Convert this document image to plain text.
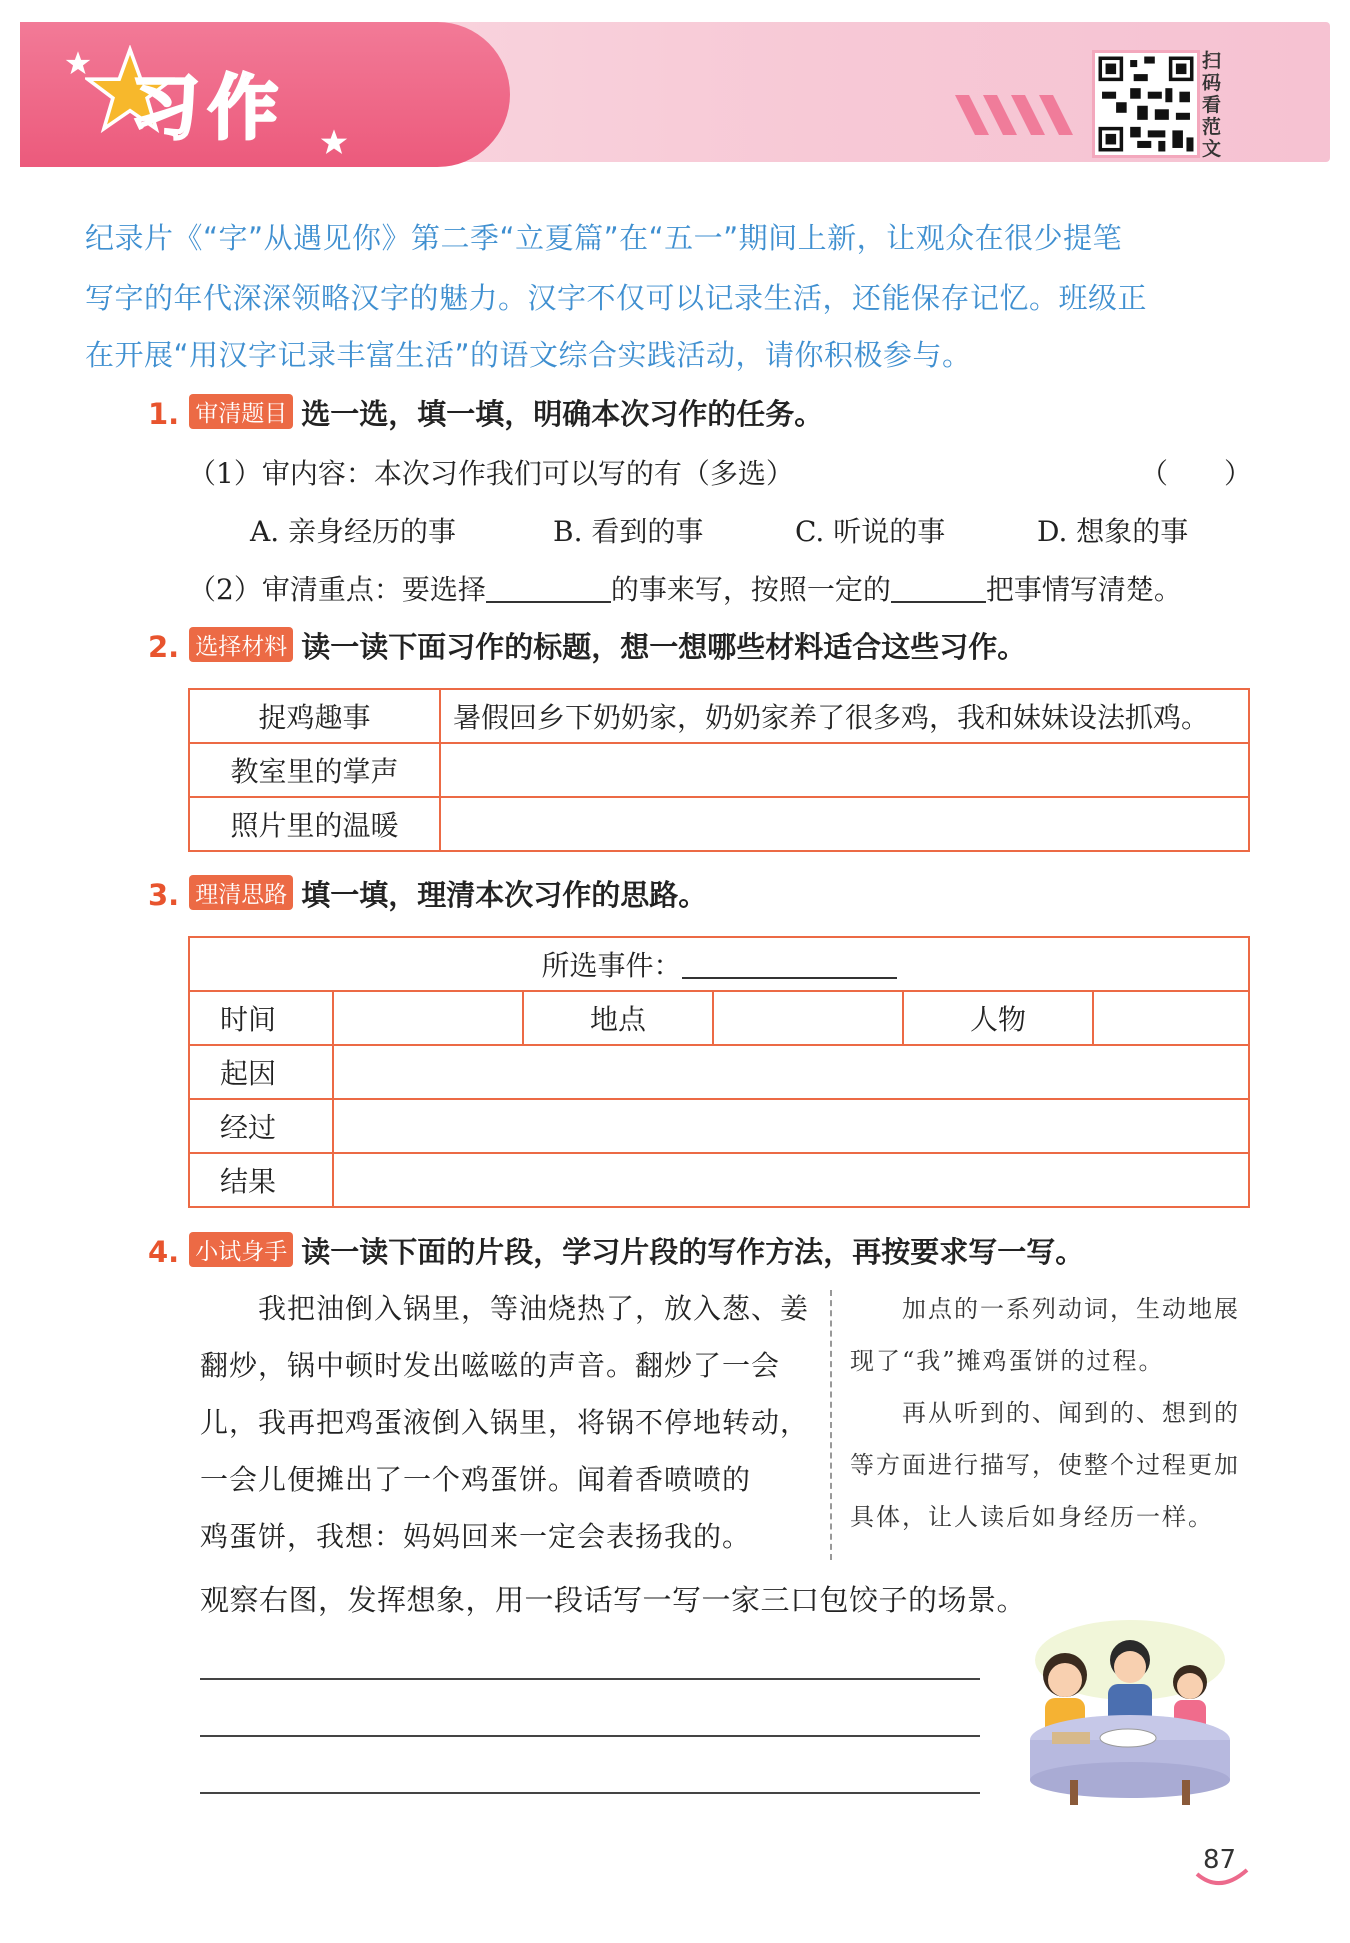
习作
扫码看范文
纪录片《“字”从遇见你》第二季“立夏篇”在“五一”期间上新，让观众在很少提笔
写字的年代深深领略汉字的魅力。汉字不仅可以记录生活，还能保存记忆。班级正
在开展“用汉字记录丰富生活”的语文综合实践活动，请你积极参与。
1. 审清题目 选一选，填一填，明确本次习作的任务。
（1）审内容：本次习作我们可以写的有（多选）	（　　）
A. 亲身经历的事	B. 看到的事	C. 听说的事	D. 想象的事
（2）审清重点：要选择	的事来写，按照一定的	把事情写清楚。
2. 选择材料 读一读下面习作的标题，想一想哪些材料适合这些习作。
捉鸡趣事	暑假回乡下奶奶家，奶奶家养了很多鸡，我和妹妹设法抓鸡。
教室里的掌声	
照片里的温暖	
3. 理清思路 填一填，理清本次习作的思路。
所选事件：					
时间		地点		人物	
起因					
经过					
结果					
4. 小试身手 读一读下面的片段，学习片段的写作方法，再按要求写一写。
　　我把油倒入锅里，等油烧热了，放入葱、姜
翻炒，锅中顿时发出嗞嗞的声音。翻炒了一会
儿，我再把鸡蛋液倒入锅里，将锅不停地转动，
一会儿便摊出了一个鸡蛋饼。闻着香喷喷的
鸡蛋饼，我想：妈妈回来一定会表扬我的。
　　加点的一系列动词，生动地展
现了“我”摊鸡蛋饼的过程。
　　再从听到的、闻到的、想到的
等方面进行描写，使整个过程更加
具体，让人读后如身经历一样。
观察右图，发挥想象，用一段话写一写一家三口包饺子的场景。
87
